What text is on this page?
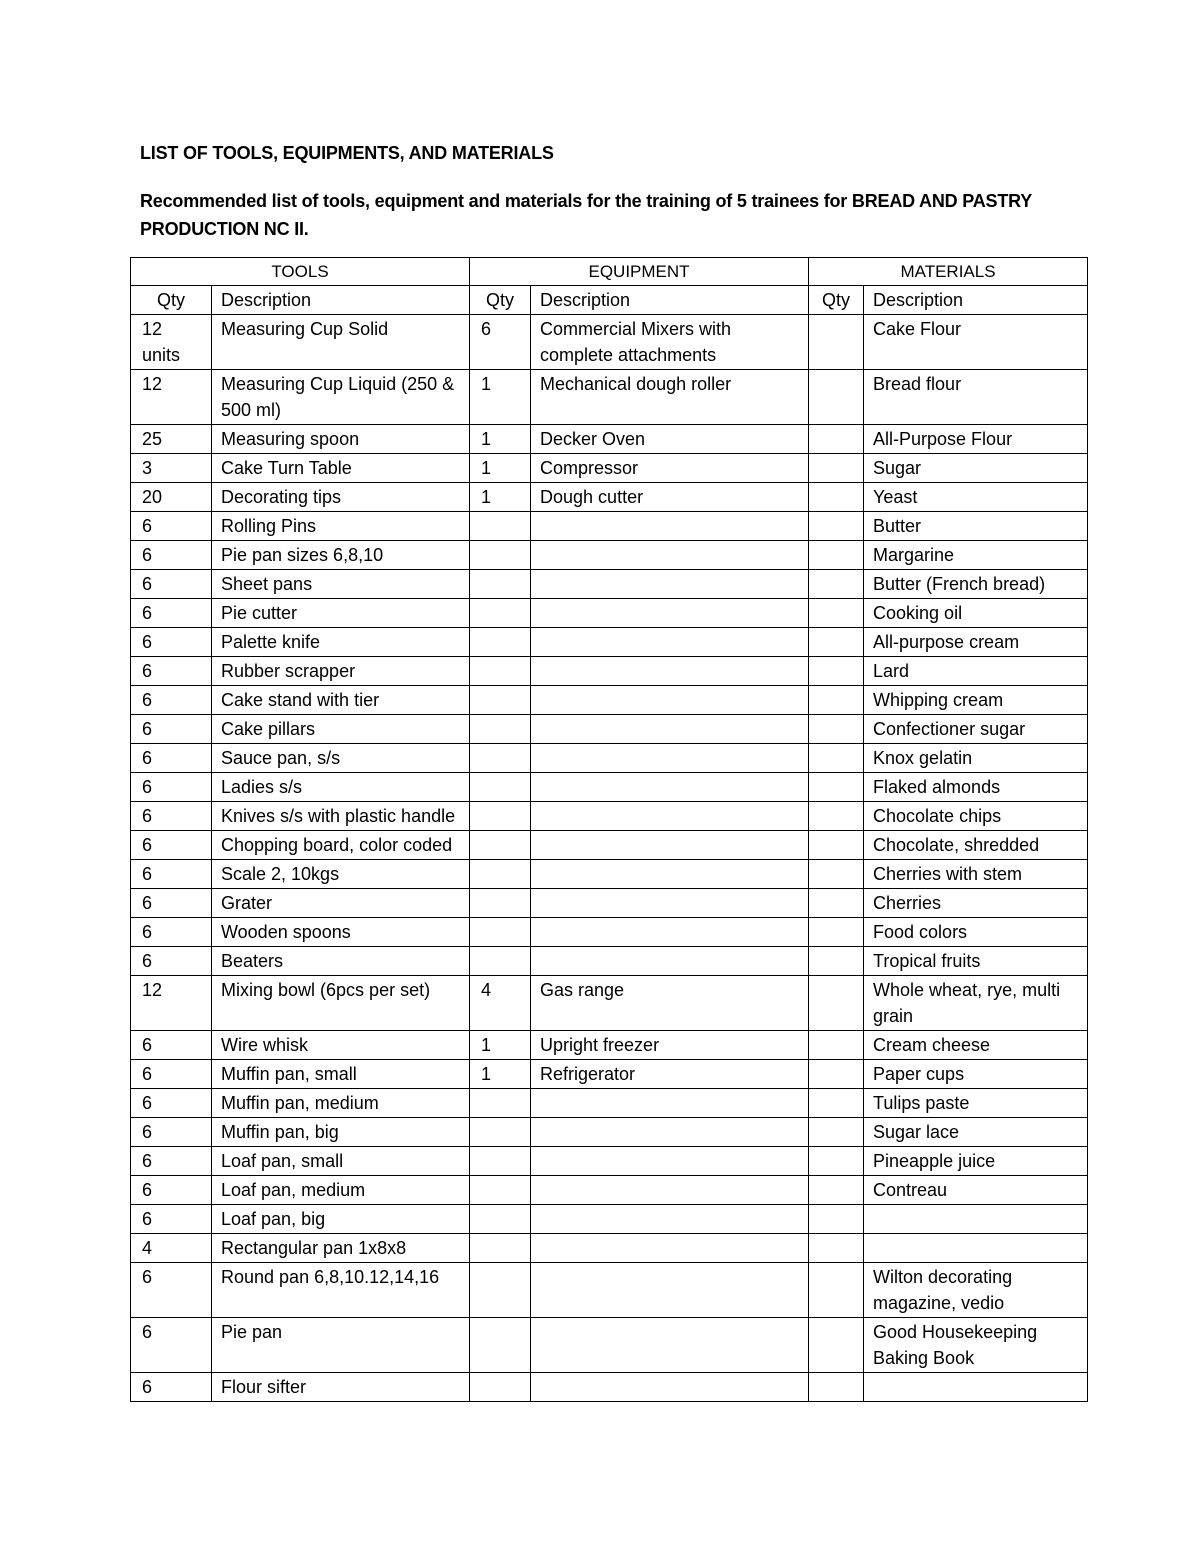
LIST OF TOOLS, EQUIPMENTS, AND MATERIALS

Recommended list of tools, equipment and materials for the training of 5 trainees for BREAD AND PASTRY PRODUCTION NC II.

TOOLS		EQUIPMENT		MATERIALS	
Qty	Description	Qty	Description	Qty	Description
12 units	Measuring Cup Solid	6	Commercial Mixers with complete attachments		Cake Flour
12	Measuring Cup Liquid (250 & 500 ml)	1	Mechanical dough roller		Bread flour
25	Measuring spoon	1	Decker Oven		All-Purpose Flour
3	Cake Turn Table	1	Compressor		Sugar
20	Decorating tips	1	Dough cutter		Yeast
6	Rolling Pins				Butter
6	Pie pan sizes 6,8,10				Margarine
6	Sheet pans				Butter (French bread)
6	Pie cutter				Cooking oil
6	Palette knife				All-purpose cream
6	Rubber scrapper				Lard
6	Cake stand with tier				Whipping cream
6	Cake pillars				Confectioner sugar
6	Sauce pan, s/s				Knox gelatin
6	Ladies s/s				Flaked almonds
6	Knives s/s with plastic handle				Chocolate chips
6	Chopping board, color coded				Chocolate, shredded
6	Scale 2, 10kgs				Cherries with stem
6	Grater				Cherries
6	Wooden spoons				Food colors
6	Beaters				Tropical fruits
12	Mixing bowl (6pcs per set)	4	Gas range		Whole wheat, rye, multi grain
6	Wire whisk	1	Upright freezer		Cream cheese
6	Muffin pan, small	1	Refrigerator		Paper cups
6	Muffin pan, medium				Tulips paste
6	Muffin pan, big				Sugar lace
6	Loaf pan, small				Pineapple juice
6	Loaf pan, medium				Contreau
6	Loaf pan, big				
4	Rectangular pan 1x8x8				
6	Round pan 6,8,10.12,14,16				Wilton decorating magazine, vedio
6	Pie pan				Good Housekeeping Baking Book
6	Flour sifter				
